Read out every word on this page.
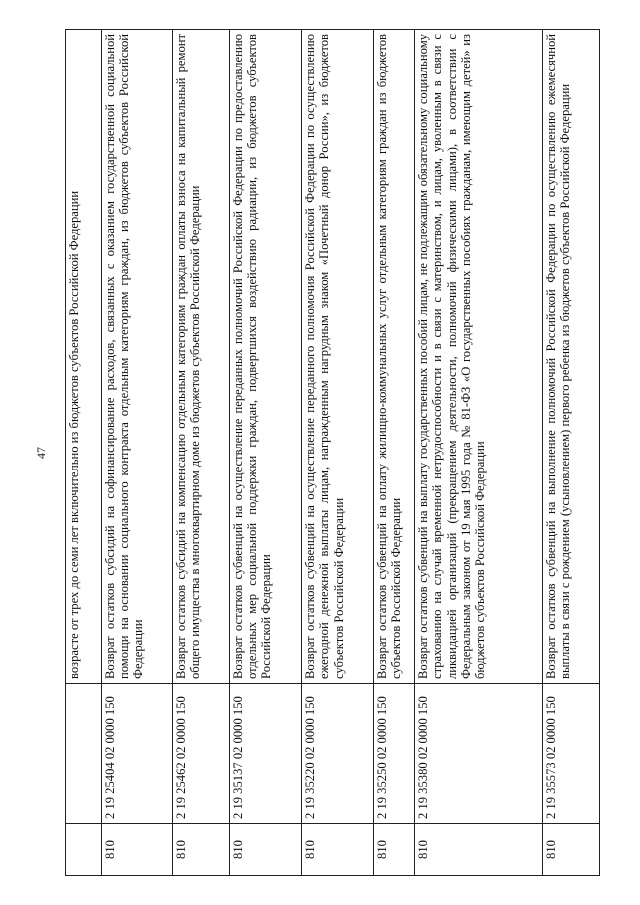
47
		возрасте от трех до семи лет включительно из бюджетов субъектов Российской Федерации
810	2 19 25404 02 0000 150	Возврат остатков субсидий на софинансирование расходов, связанных с оказанием государственной социальной помощи на основании социального контракта отдельным категориям граждан, из бюджетов субъектов Российской Федерации
810	2 19 25462 02 0000 150	Возврат остатков субсидий на компенсацию отдельным категориям граждан оплаты взноса на капитальный ремонт общего имущества в многоквартирном доме из бюджетов субъектов Российской Федерации
810	2 19 35137 02 0000 150	Возврат остатков субвенций на осуществление переданных полномочий Российской Федерации по предоставлению отдельных мер социальной поддержки граждан, подвергшихся воздействию радиации, из бюджетов субъектов Российской Федерации
810	2 19 35220 02 0000 150	Возврат остатков субвенций на осуществление переданного полномочия Российской Федерации по осуществлению ежегодной денежной выплаты лицам, награжденным нагрудным знаком «Почетный донор России», из бюджетов субъектов Российской Федерации
810	2 19 35250 02 0000 150	Возврат остатков субвенций на оплату жилищно-коммунальных услуг отдельным категориям граждан из бюджетов субъектов Российской Федерации
810	2 19 35380 02 0000 150	Возврат остатков субвенций на выплату государственных пособий лицам, не подлежащим обязательному социальному страхованию на случай временной нетрудоспособности и в связи с материнством, и лицам, уволенным в связи с ликвидацией организаций (прекращением деятельности, полномочий физическими лицами), в соответствии с Федеральным законом от 19 мая 1995 года № 81-ФЗ «О государственных пособиях гражданам, имеющим детей» из бюджетов субъектов Российской Федерации
810	2 19 35573 02 0000 150	Возврат остатков субвенций на выполнение полномочий Российской Федерации по осуществлению ежемесячной выплаты в связи с рождением (усыновлением) первого ребенка из бюджетов субъектов Российской Федерации
